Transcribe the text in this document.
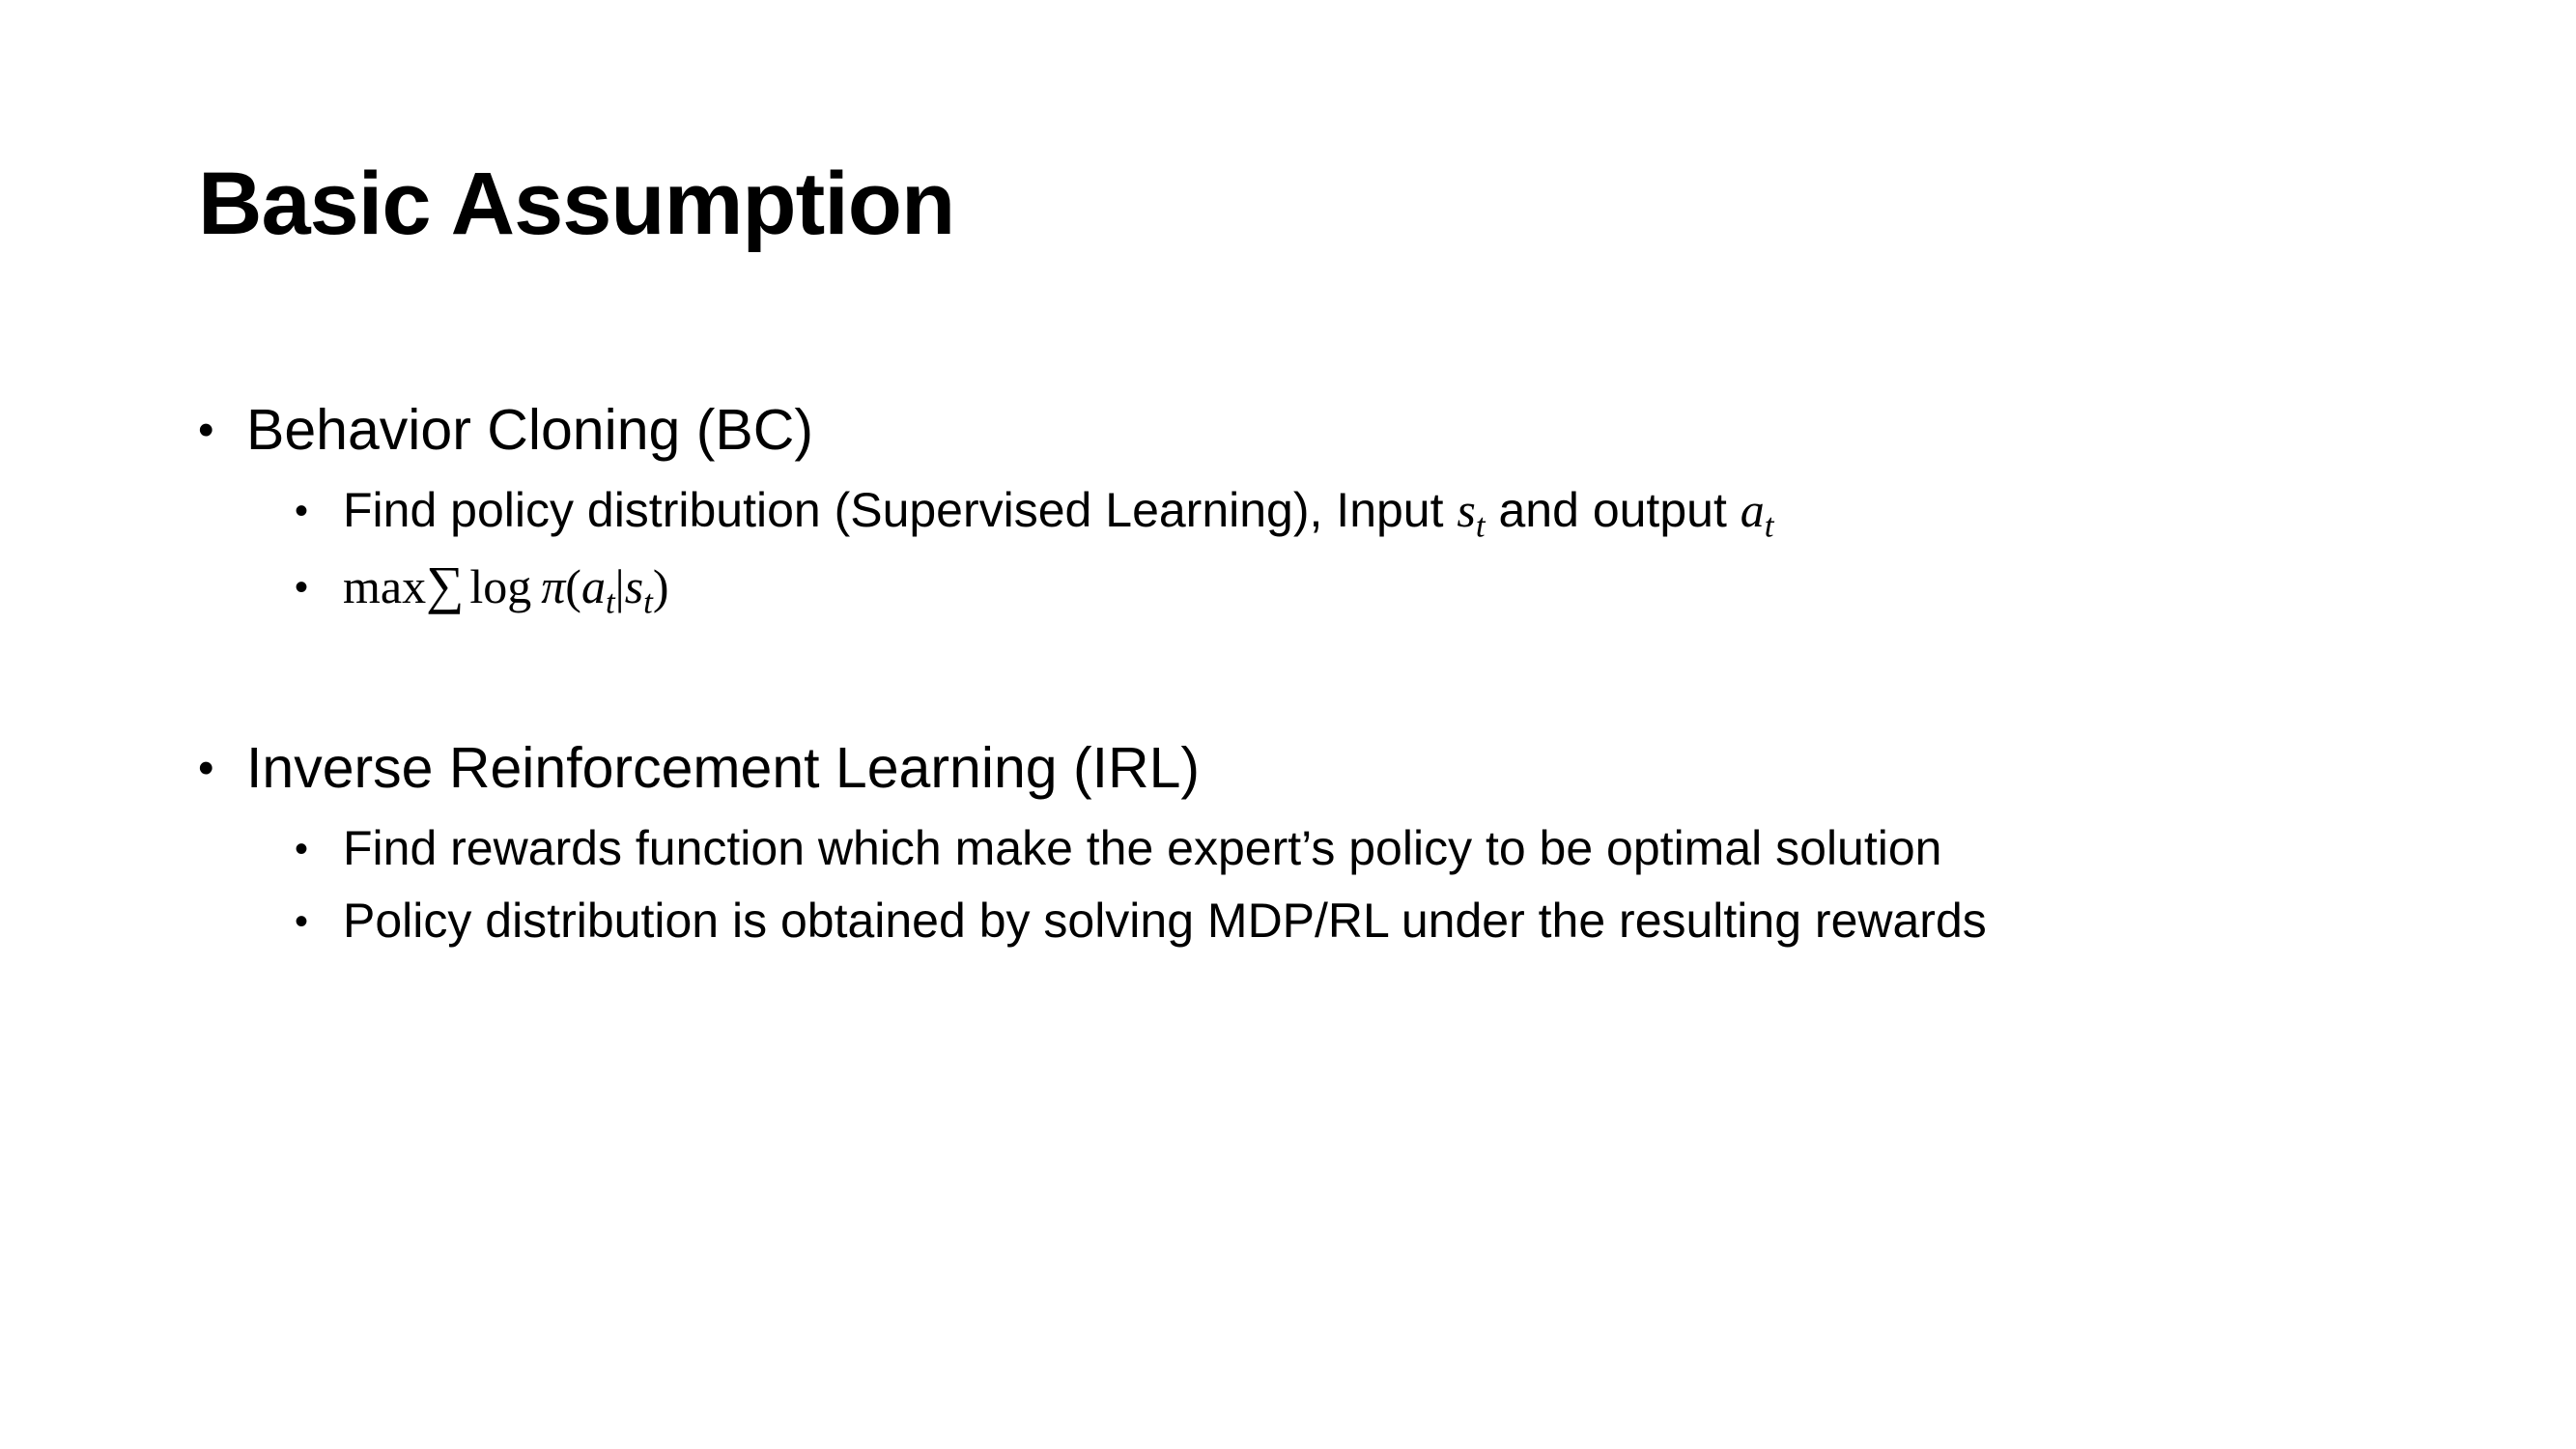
Basic Assumption
• Behavior Cloning (BC)
• Find policy distribution (Supervised Learning), Input $s_t$ and output $a_t$
• max∑ $\log \pi(a_t|s_t)$
• Inverse Reinforcement Learning (IRL)
• Find rewards function which make the expert’s policy to be optimal solution
• Policy distribution is obtained by solving MDP/RL under the resulting rewards
